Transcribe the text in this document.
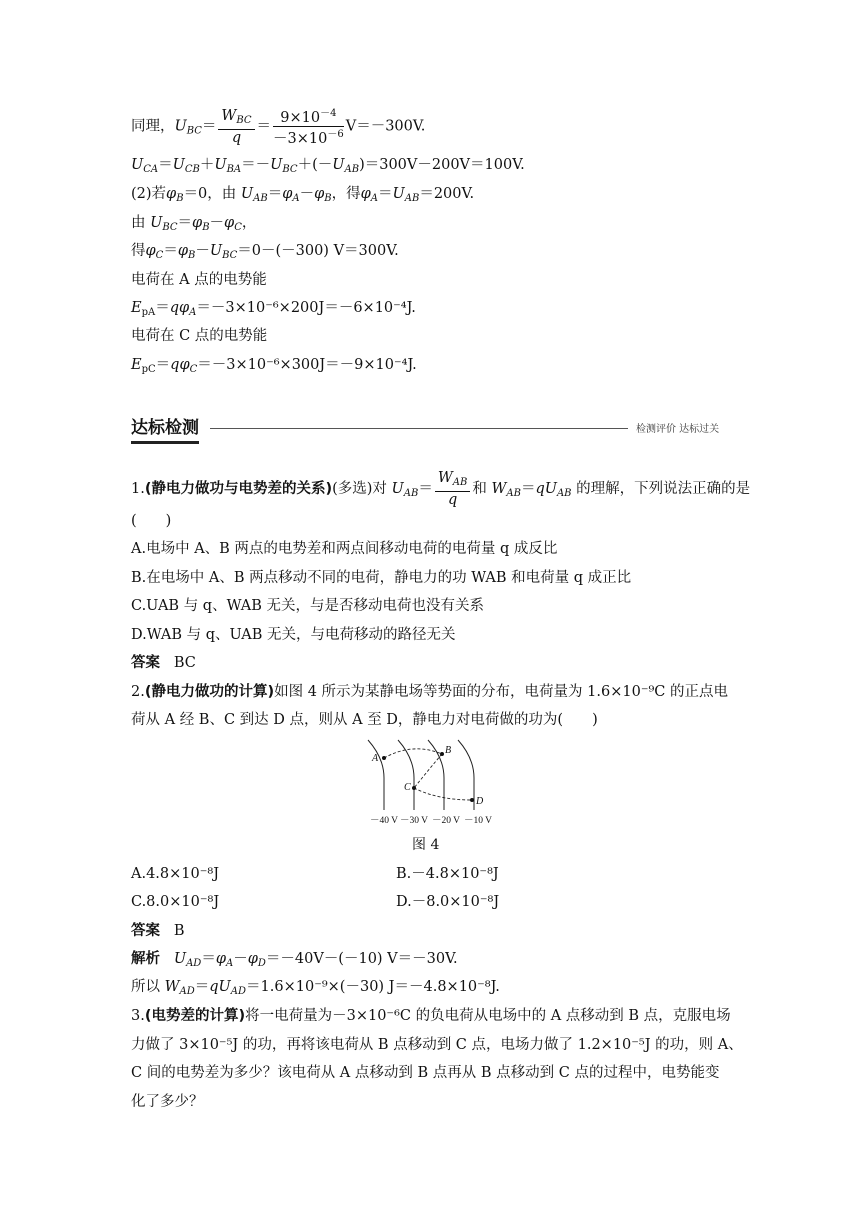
同理，$U_{BC}= \frac{W_{BC}}{q} = \frac{9\times 10^{-4}}{-3\times 10^{-6}} V=-300V$.
$U_{CA}=U_{CB}+U_{BA}=-U_{BC}+(-U_{AB})=300V-200V=100V$.
(2)若$\varphi_B=0$，由 $U_{AB}=\varphi_A-\varphi_B$，得$\varphi_A=U_{AB}=200V$.
由 $U_{BC}=\varphi_B-\varphi_C$，
得$\varphi_C=\varphi_B-U_{BC}=0-(-300)$ V＝300V.
电荷在 A 点的电势能
$E_{pA}=q\varphi_A=-3\times 10^{-6}\times 200J=-6\times 10^{-4}J$.
电荷在 C 点的电势能
$E_{pC}=q\varphi_C=-3\times 10^{-6}\times 300J=-9\times 10^{-4}J$.
达标检测	检测评价 达标过关
1.(静电力做功与电势差的关系)(多选)对 $U_{AB}= \frac{W_{AB}}{q}$ 和 $W_{AB}=qU_{AB}$ 的理解，下列说法正确的是
(　　)
A.电场中 A、B 两点的电势差和两点间移动电荷的电荷量 q 成反比
B.在电场中 A、B 两点移动不同的电荷，静电力的功 WAB 和电荷量 q 成正比
C.UAB 与 q、WAB 无关，与是否移动电荷也没有关系
D.WAB 与 q、UAB 无关，与电荷移动的路径无关
答案 BC
2.(静电力做功的计算)如图 4 所示为某静电场等势面的分布，电荷量为 1.6×10⁻⁹C 的正点电
荷从 A 经 B、C 到达 D 点，则从 A 至 D，静电力对电荷做的功为(　　)
A
B
C
D
－40 V －30 V －20 V －10 V
图 4
A.4.8×10⁻⁸J	B.－4.8×10⁻⁸J
C.8.0×10⁻⁸J	D.－8.0×10⁻⁸J
答案 B
解析 $U_{AD}=\varphi_A-\varphi_D=-40V-(-10)$ V＝－30V.
所以 $W_{AD}=qU_{AD}=1.6\times 10^{-9}\times(-30)$ J＝－4.8×10⁻⁸J.
3.(电势差的计算)将一电荷量为－3×10⁻⁶C 的负电荷从电场中的 A 点移动到 B 点，克服电场
力做了 3×10⁻⁵J 的功，再将该电荷从 B 点移动到 C 点，电场力做了 1.2×10⁻⁵J 的功，则 A、
C 间的电势差为多少？该电荷从 A 点移动到 B 点再从 B 点移动到 C 点的过程中，电势能变
化了多少？
